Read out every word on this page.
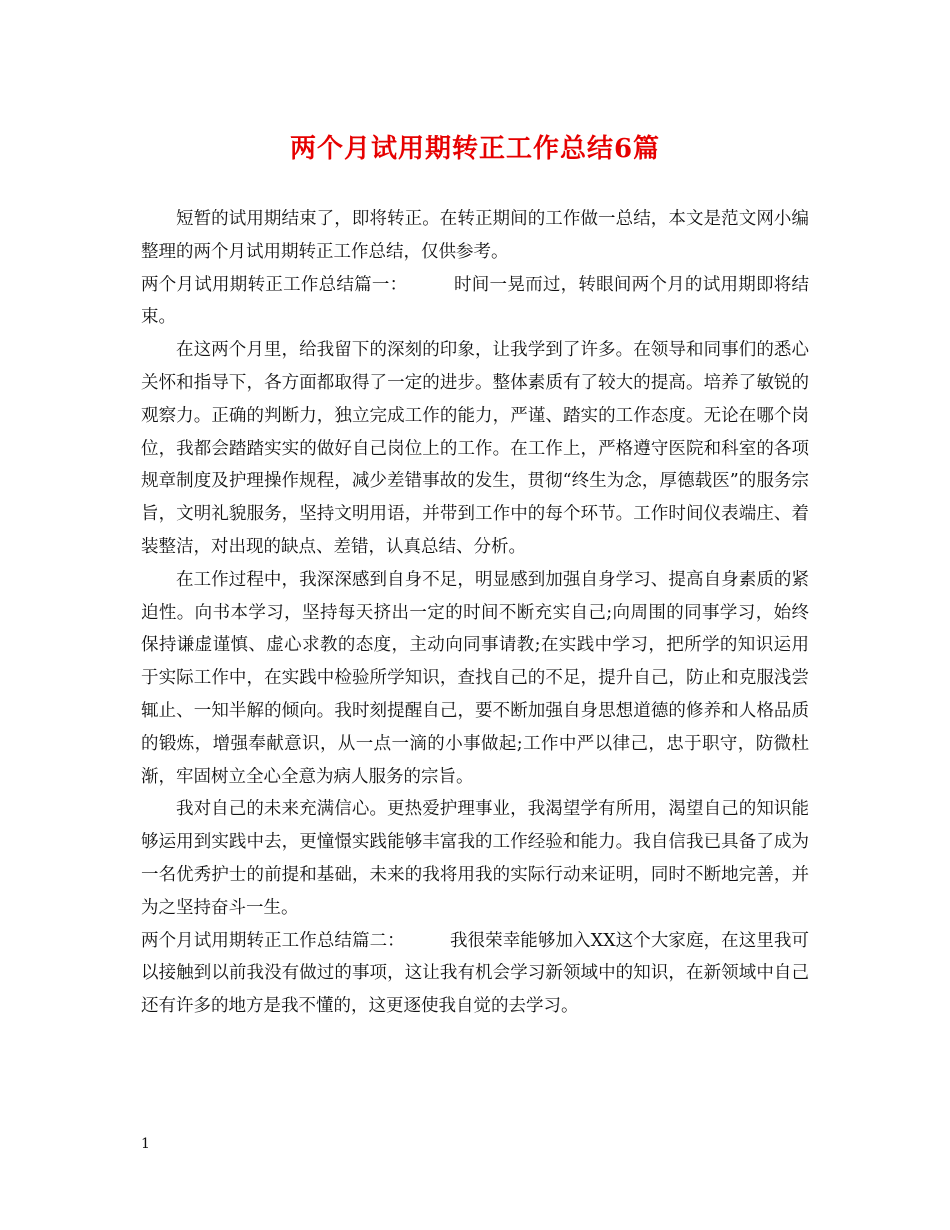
两个月试用期转正工作总结6篇

短暂的试用期结束了，即将转正。在转正期间的工作做一总结，本文是范文网小编整理的两个月试用期转正工作总结，仅供参考。

两个月试用期转正工作总结篇一：	时间一晃而过，转眼间两个月的试用期即将结束。

在这两个月里，给我留下的深刻的印象，让我学到了许多。在领导和同事们的悉心关怀和指导下，各方面都取得了一定的进步。整体素质有了较大的提高。培养了敏锐的观察力。正确的判断力，独立完成工作的能力，严谨、踏实的工作态度。无论在哪个岗位，我都会踏踏实实的做好自己岗位上的工作。在工作上，严格遵守医院和科室的各项规章制度及护理操作规程，减少差错事故的发生，贯彻“终生为念，厚德载医”的服务宗旨，文明礼貌服务，坚持文明用语，并带到工作中的每个环节。工作时间仪表端庄、着装整洁，对出现的缺点、差错，认真总结、分析。

在工作过程中，我深深感到自身不足，明显感到加强自身学习、提高自身素质的紧迫性。向书本学习，坚持每天挤出一定的时间不断充实自己;向周围的同事学习，始终保持谦虚谨慎、虚心求教的态度，主动向同事请教;在实践中学习，把所学的知识运用于实际工作中，在实践中检验所学知识，查找自己的不足，提升自己，防止和克服浅尝辄止、一知半解的倾向。我时刻提醒自己，要不断加强自身思想道德的修养和人格品质的锻炼，增强奉献意识，从一点一滴的小事做起;工作中严以律己，忠于职守，防微杜渐，牢固树立全心全意为病人服务的宗旨。

我对自己的未来充满信心。更热爱护理事业，我渴望学有所用，渴望自己的知识能够运用到实践中去，更憧憬实践能够丰富我的工作经验和能力。我自信我已具备了成为一名优秀护士的前提和基础，未来的我将用我的实际行动来证明，同时不断地完善，并为之坚持奋斗一生。

两个月试用期转正工作总结篇二：	我很荣幸能够加入XX这个大家庭，在这里我可以接触到以前我没有做过的事项，这让我有机会学习新领域中的知识，在新领域中自己还有许多的地方是我不懂的，这更逐使我自觉的去学习。

1
